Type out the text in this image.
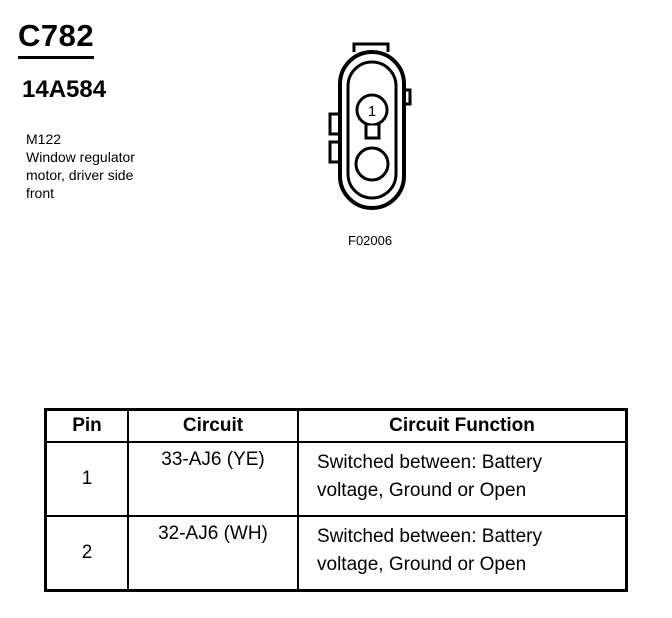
C782
14A584
M122
Window regulator
motor, driver side
front
1
F02006
Pin	Circuit	Circuit Function
1	33-AJ6 (YE)	Switched between: Battery
voltage, Ground or Open

2	32-AJ6 (WH)	Switched between: Battery
voltage, Ground or Open
